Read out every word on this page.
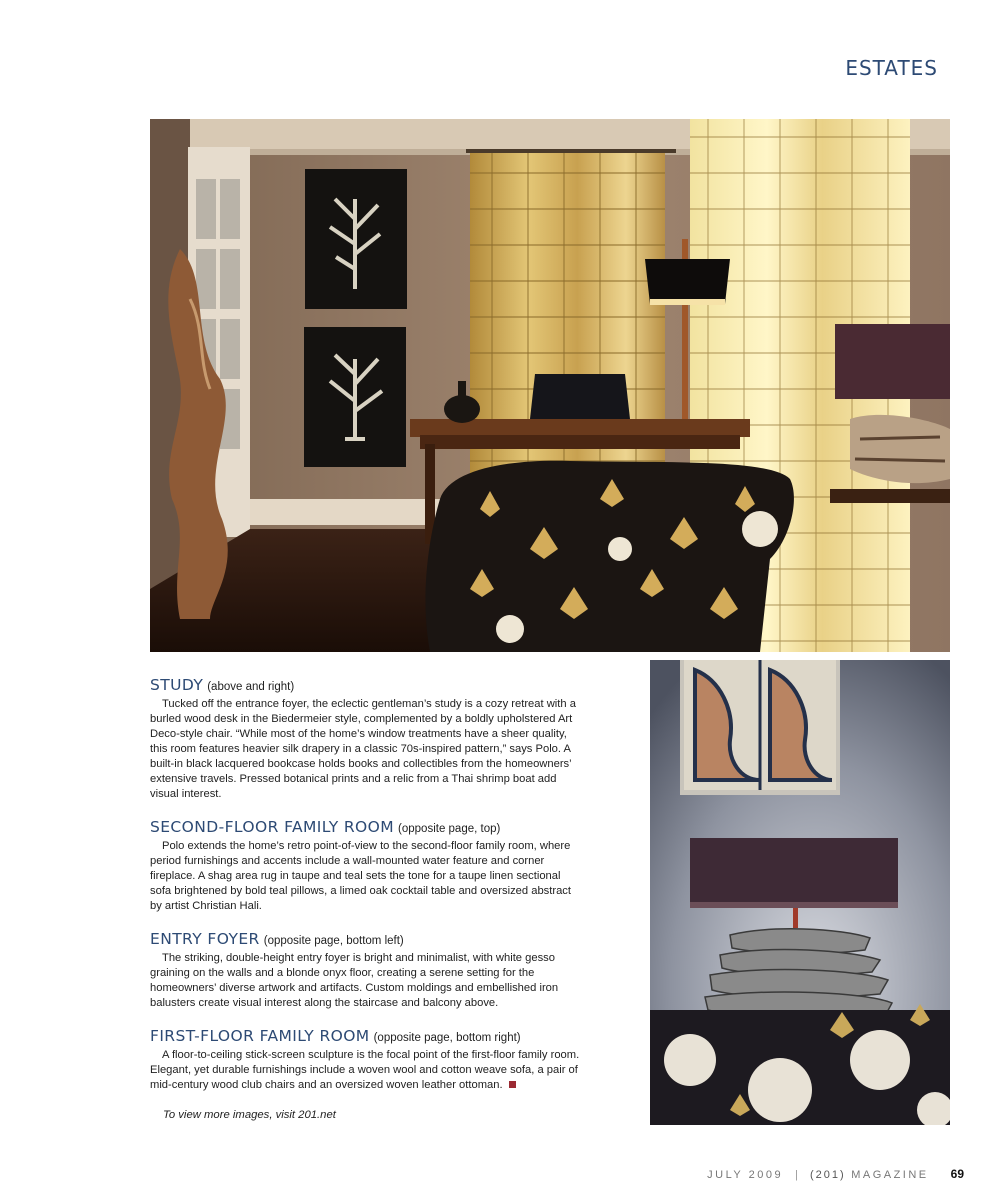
ESTATES
STUDY (above and right)

Tucked off the entrance foyer, the eclectic gentleman’s study is a cozy retreat with a burled wood desk in the Biedermeier style, complemented by a boldly upholstered Art Deco-style chair. “While most of the home’s window treatments have a sheer quality, this room features heavier silk drapery in a classic 70s-inspired pattern,” says Polo. A built-in black lacquered bookcase holds books and collectibles from the homeowners’ extensive travels. Pressed botanical prints and a relic from a Thai shrimp boat add visual interest.

SECOND-FLOOR FAMILY ROOM (opposite page, top)

Polo extends the home’s retro point-of-view to the second-floor family room, where period furnishings and accents include a wall-mounted water feature and corner fireplace. A shag area rug in taupe and teal sets the tone for a taupe linen sectional sofa brightened by bold teal pillows, a limed oak cocktail table and oversized abstract by artist Christian Hali.

ENTRY FOYER (opposite page, bottom left)

The striking, double-height entry foyer is bright and minimalist, with white gesso graining on the walls and a blonde onyx floor, creating a serene setting for the homeowners’ diverse artwork and artifacts. Custom moldings and embellished iron balusters create visual interest along the staircase and balcony above.

FIRST-FLOOR FAMILY ROOM (opposite page, bottom right)

A floor-to-ceiling stick-screen sculpture is the focal point of the first-floor family room. Elegant, yet durable furnishings include a woven wool and cotton weave sofa, a pair of mid-century wood club chairs and an oversized woven leather ottoman.

To view more images, visit 201.net
JULY 2009 | (201) MAGAZINE 69
